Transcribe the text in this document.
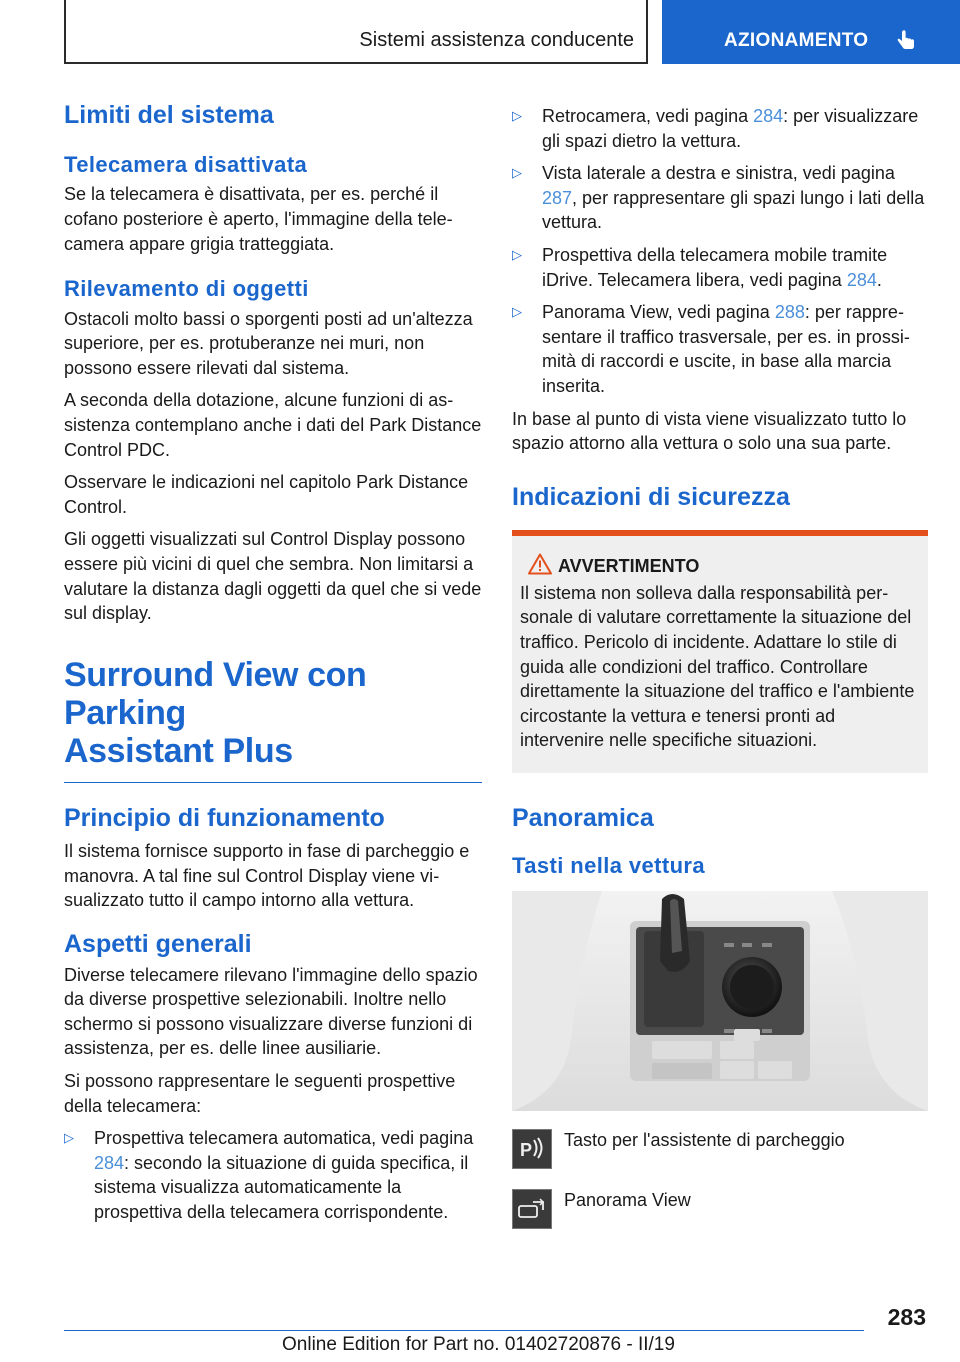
Sistemi assistenza conducente	AZIONAMENTO
Limiti del sistema
Telecamera disattivata

Se la telecamera è disattivata, per es. perché il cofano posteriore è aperto, l'immagine della telecamera appare grigia tratteggiata.

Rilevamento di oggetti

Ostacoli molto bassi o sporgenti posti ad un'altezza superiore, per es. protuberanze nei muri, non possono essere rilevati dal sistema.

A seconda della dotazione, alcune funzioni di assistenza contemplano anche i dati del Park Distance Control PDC.

Osservare le indicazioni nel capitolo Park Distance Control.

Gli oggetti visualizzati sul Control Display possono essere più vicini di quel che sembra. Non limitarsi a valutare la distanza dagli oggetti da quel che si vede sul display.

Surround View con Parking
Assistant Plus
Principio di funzionamento

Il sistema fornisce supporto in fase di parcheggio e manovra. A tal fine sul Control Display viene visualizzato tutto il campo intorno alla vettura.

Aspetti generali

Diverse telecamere rilevano l'immagine dello spazio da diverse prospettive selezionabili. Inoltre nello schermo si possono visualizzare diverse funzioni di assistenza, per es. delle linee ausiliarie.

Si possono rappresentare le seguenti prospettive della telecamera:

▷ Prospettiva telecamera automatica, vedi pagina 284: secondo la situazione di guida specifica, il sistema visualizza automaticamente la prospettiva della telecamera corrispondente.
▷ Retrocamera, vedi pagina 284: per visualizzare gli spazi dietro la vettura.
▷ Vista laterale a destra e sinistra, vedi pagina 287, per rappresentare gli spazi lungo i lati della vettura.
▷ Prospettiva della telecamera mobile tramite iDrive. Telecamera libera, vedi pagina 284.
▷ Panorama View, vedi pagina 288: per rappresentare il traffico trasversale, per es. in prossimità di raccordi e uscite, in base alla marcia inserita.

In base al punto di vista viene visualizzato tutto lo spazio attorno alla vettura o solo una sua parte.

Indicazioni di sicurezza
AVVERTIMENTO

Il sistema non solleva dalla responsabilità personale di valutare correttamente la situazione del traffico. Pericolo di incidente. Adattare lo stile di guida alle condizioni del traffico. Controllare direttamente la situazione del traffico e l'ambiente circostante la vettura e tenersi pronti ad intervenire nelle specifiche situazioni.

Panoramica
Tasti nella vettura
P Tasto per l'assistente di parcheggio
Panorama View
283
Online Edition for Part no. 01402720876 - II/19
